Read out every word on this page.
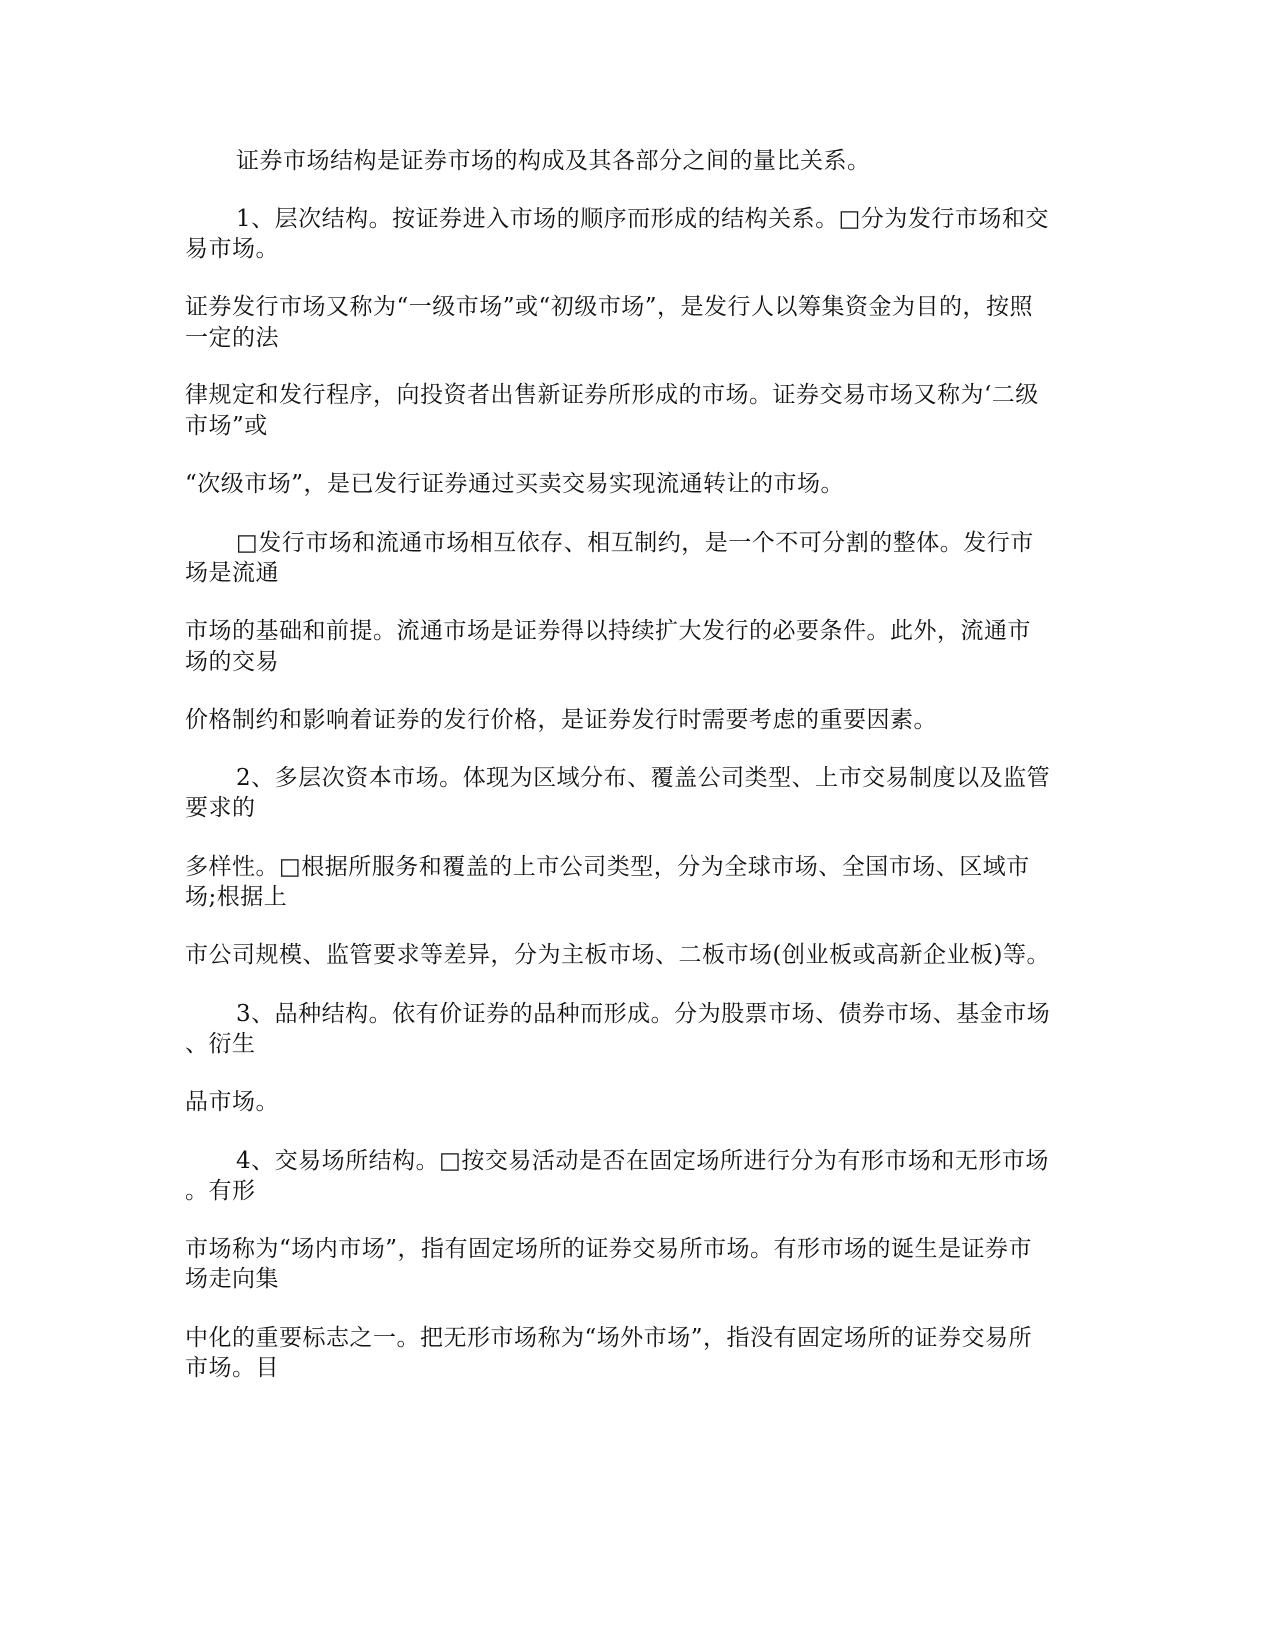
证券市场结构是证券市场的构成及其各部分之间的量比关系。
1、层次结构。按证券进入市场的顺序而形成的结构关系。□分为发行市场和交
易市场。
证券发行市场又称为“一级市场”或“初级市场”，是发行人以筹集资金为目的，按照
一定的法
律规定和发行程序，向投资者出售新证券所形成的市场。证券交易市场又称为‘二级
市场”或
“次级市场”，是已发行证券通过买卖交易实现流通转让的市场。
□发行市场和流通市场相互依存、相互制约，是一个不可分割的整体。发行市
场是流通
市场的基础和前提。流通市场是证券得以持续扩大发行的必要条件。此外，流通市
场的交易
价格制约和影响着证券的发行价格，是证券发行时需要考虑的重要因素。
2、多层次资本市场。体现为区域分布、覆盖公司类型、上市交易制度以及监管
要求的
多样性。□根据所服务和覆盖的上市公司类型，分为全球市场、全国市场、区域市
场;根据上
市公司规模、监管要求等差异，分为主板市场、二板市场(创业板或高新企业板)等。
3、品种结构。依有价证券的品种而形成。分为股票市场、债券市场、基金市场
、衍生
品市场。
4、交易场所结构。□按交易活动是否在固定场所进行分为有形市场和无形市场
。有形
市场称为“场内市场”，指有固定场所的证券交易所市场。有形市场的诞生是证券市
场走向集
中化的重要标志之一。把无形市场称为“场外市场”，指没有固定场所的证券交易所
市场。目
